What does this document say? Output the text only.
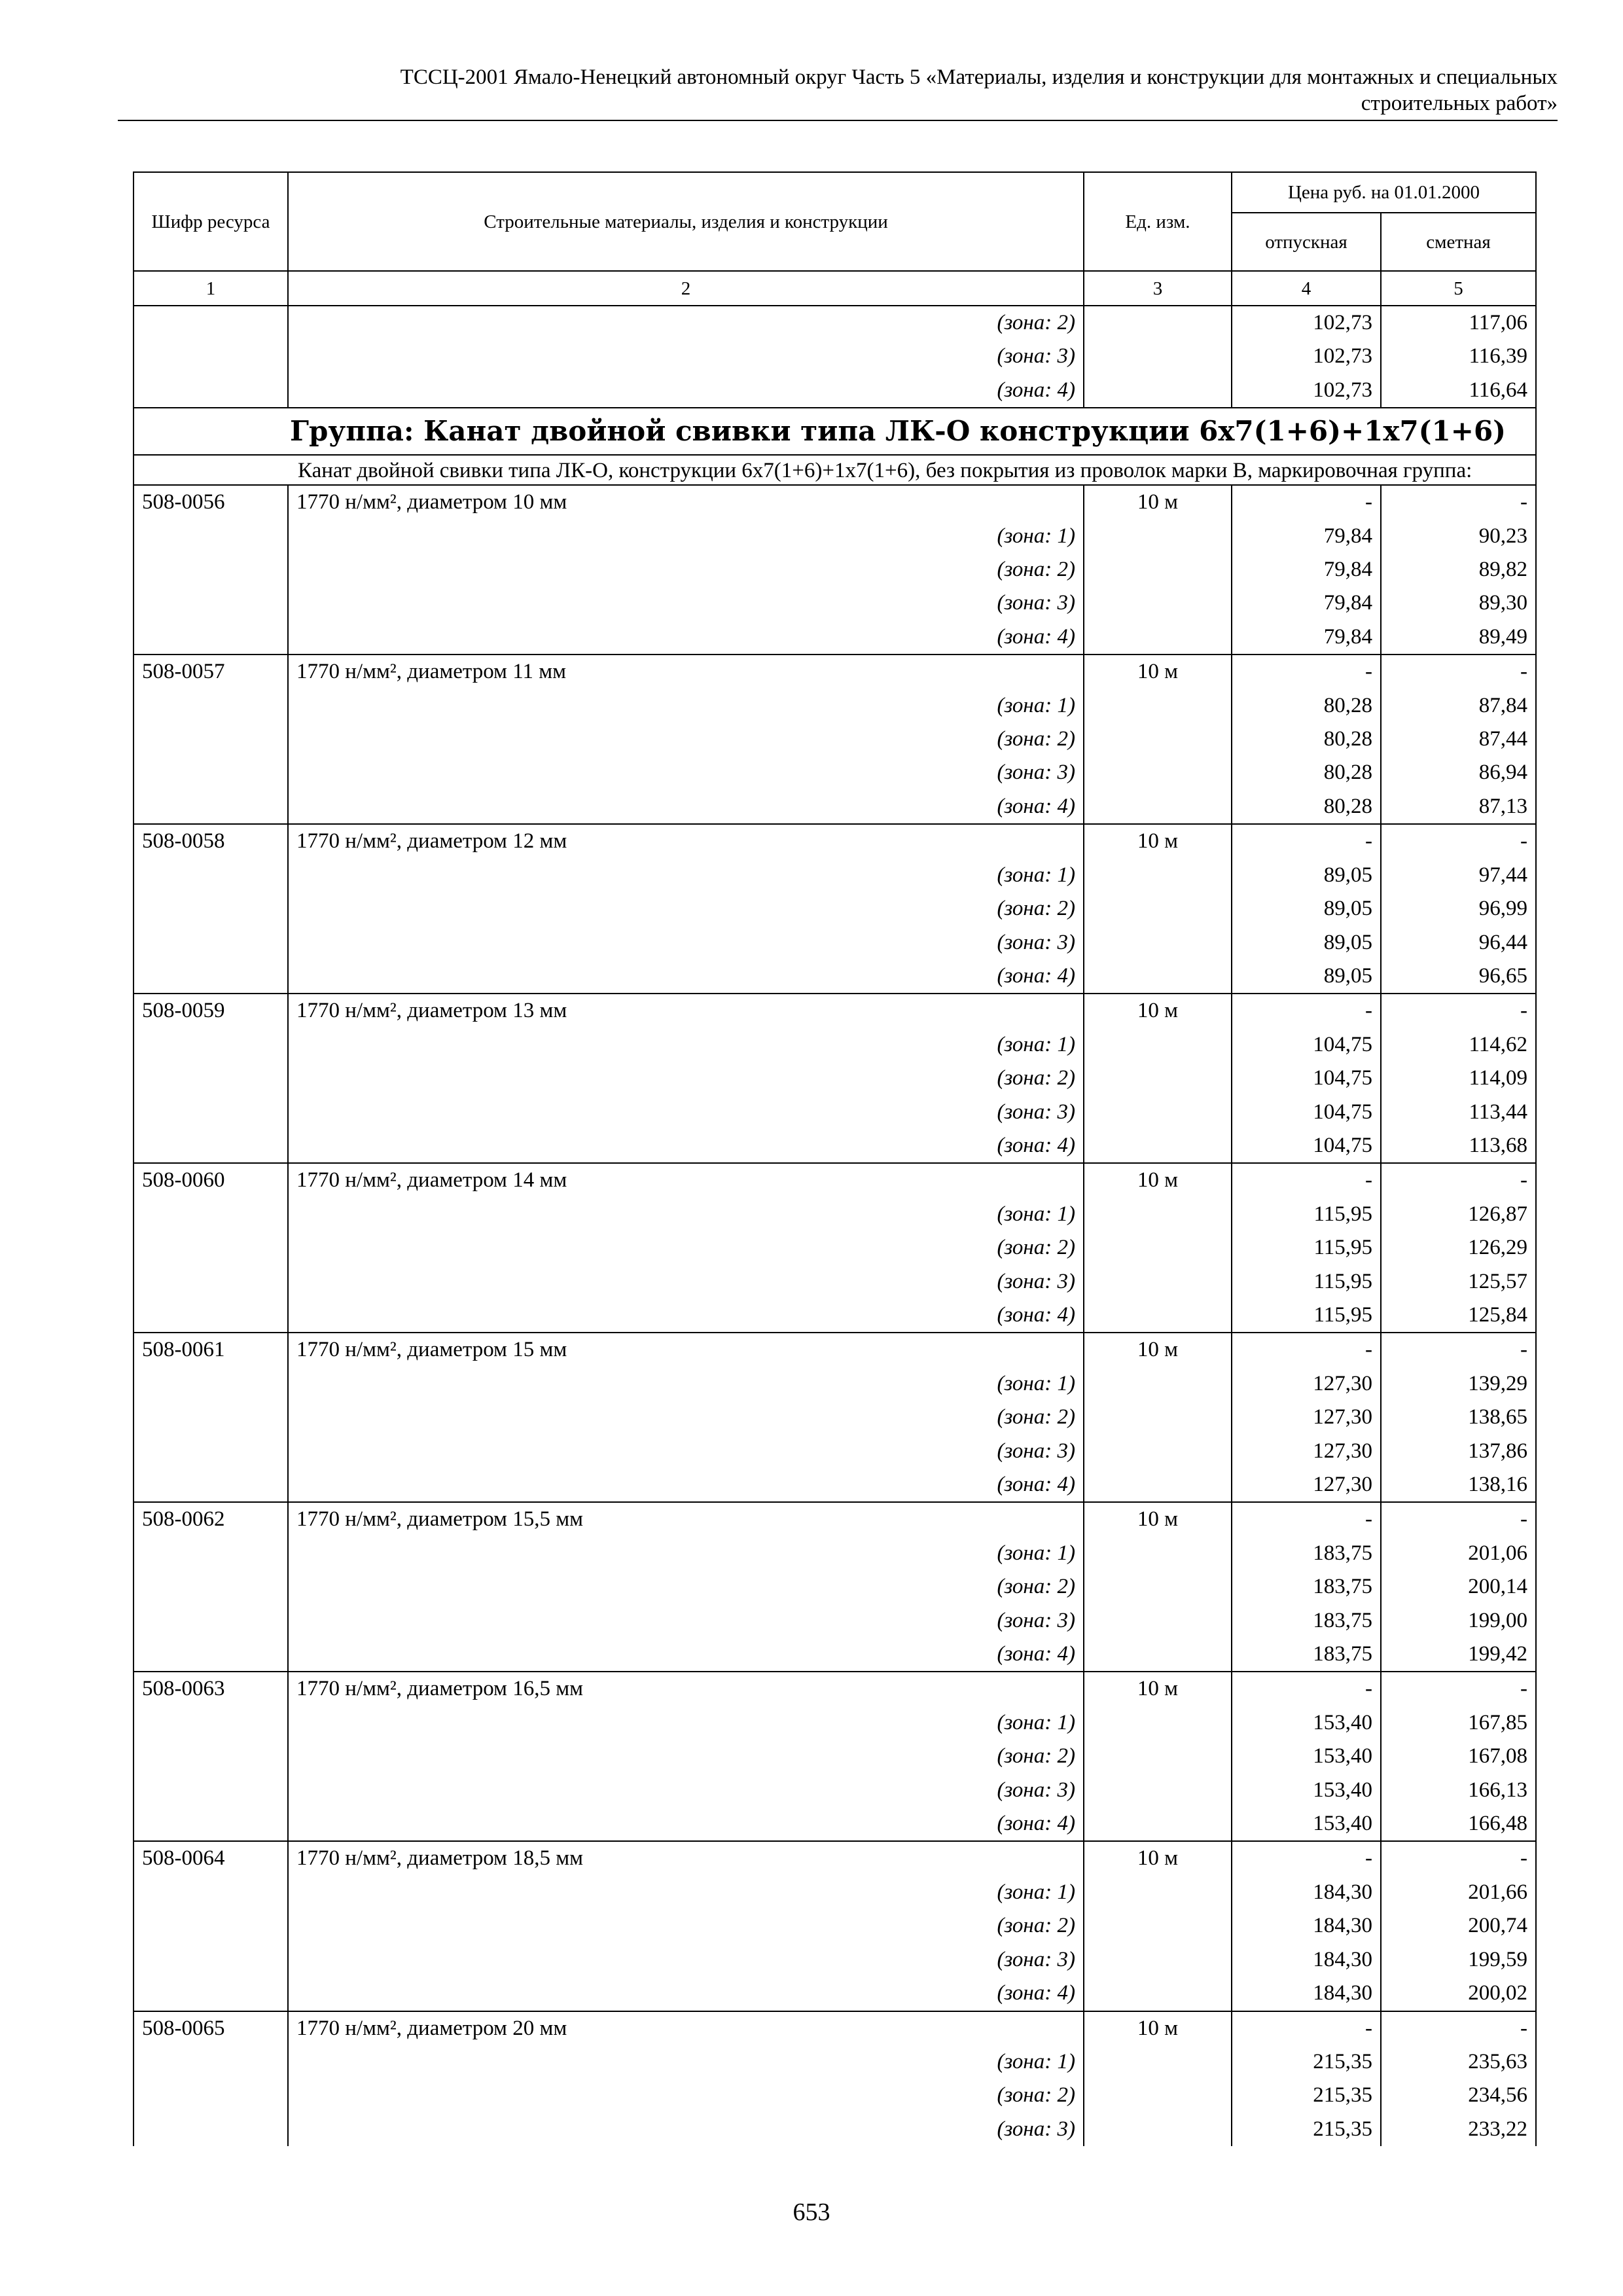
ТССЦ-2001 Ямало-Ненецкий автономный округ Часть 5 «Материалы, изделия и конструкции для монтажных и специальных
строительных работ»
Шифр ресурса	Строительные материалы, изделия и конструкции	Ед. изм.	Цена руб. на 01.01.2000	
			отпускная	сметная
1	2	3	4	5
	(зона: 2)		102,73	117,06
	(зона: 3)		102,73	116,39
	(зона: 4)		102,73	116,64
Группа: Канат двойной свивки типа ЛК-О конструкции 6х7(1+6)+1х7(1+6)				

Канат двойной свивки типа ЛК-О, конструкции 6х7(1+6)+1х7(1+6), без покрытия из проволок марки В, маркировочная группа:				

508-0056	1770 н/мм², диаметром 10 мм	10 м	-	-
	(зона: 1)		79,84	90,23
	(зона: 2)		79,84	89,82
	(зона: 3)		79,84	89,30
	(зона: 4)		79,84	89,49
508-0057	1770 н/мм², диаметром 11 мм	10 м	-	-
	(зона: 1)		80,28	87,84
	(зона: 2)		80,28	87,44
	(зона: 3)		80,28	86,94
	(зона: 4)		80,28	87,13
508-0058	1770 н/мм², диаметром 12 мм	10 м	-	-
	(зона: 1)		89,05	97,44
	(зона: 2)		89,05	96,99
	(зона: 3)		89,05	96,44
	(зона: 4)		89,05	96,65
508-0059	1770 н/мм², диаметром 13 мм	10 м	-	-
	(зона: 1)		104,75	114,62
	(зона: 2)		104,75	114,09
	(зона: 3)		104,75	113,44
	(зона: 4)		104,75	113,68
508-0060	1770 н/мм², диаметром 14 мм	10 м	-	-
	(зона: 1)		115,95	126,87
	(зона: 2)		115,95	126,29
	(зона: 3)		115,95	125,57
	(зона: 4)		115,95	125,84
508-0061	1770 н/мм², диаметром 15 мм	10 м	-	-
	(зона: 1)		127,30	139,29
	(зона: 2)		127,30	138,65
	(зона: 3)		127,30	137,86
	(зона: 4)		127,30	138,16
508-0062	1770 н/мм², диаметром 15,5 мм	10 м	-	-
	(зона: 1)		183,75	201,06
	(зона: 2)		183,75	200,14
	(зона: 3)		183,75	199,00
	(зона: 4)		183,75	199,42
508-0063	1770 н/мм², диаметром 16,5 мм	10 м	-	-
	(зона: 1)		153,40	167,85
	(зона: 2)		153,40	167,08
	(зона: 3)		153,40	166,13
	(зона: 4)		153,40	166,48
508-0064	1770 н/мм², диаметром 18,5 мм	10 м	-	-
	(зона: 1)		184,30	201,66
	(зона: 2)		184,30	200,74
	(зона: 3)		184,30	199,59
	(зона: 4)		184,30	200,02
508-0065	1770 н/мм², диаметром 20 мм	10 м	-	-
	(зона: 1)		215,35	235,63
	(зона: 2)		215,35	234,56
	(зона: 3)		215,35	233,22
653
